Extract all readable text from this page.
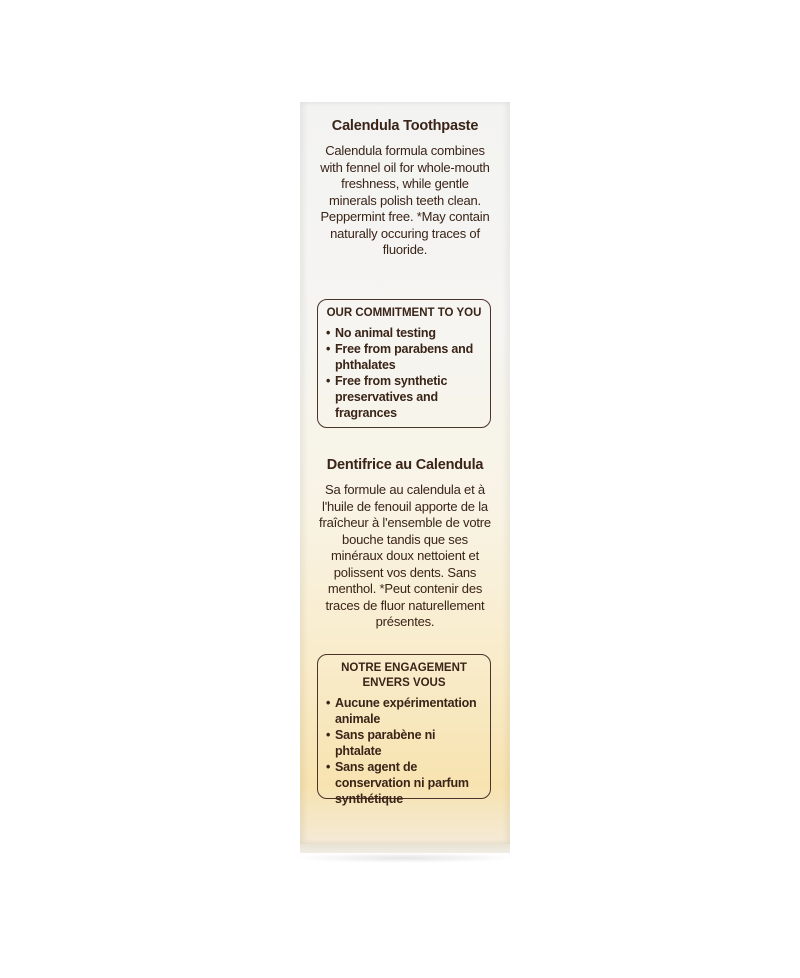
Calendula Toothpaste
Calendula formula combines with fennel oil for whole-mouth freshness, while gentle minerals polish teeth clean. Peppermint free. *May contain naturally occuring traces of fluoride.
OUR COMMITMENT TO YOU
• No animal testing
• Free from parabens and phthalates
• Free from synthetic preservatives and fragrances
Dentifrice au Calendula
Sa formule au calendula et à l'huile de fenouil apporte de la fraîcheur à l'ensemble de votre bouche tandis que ses minéraux doux nettoient et polissent vos dents. Sans menthol. *Peut contenir des traces de fluor naturellement présentes.
NOTRE ENGAGEMENT ENVERS VOUS
• Aucune expérimentation animale
• Sans parabène ni phtalate
• Sans agent de conservation ni parfum synthétique
